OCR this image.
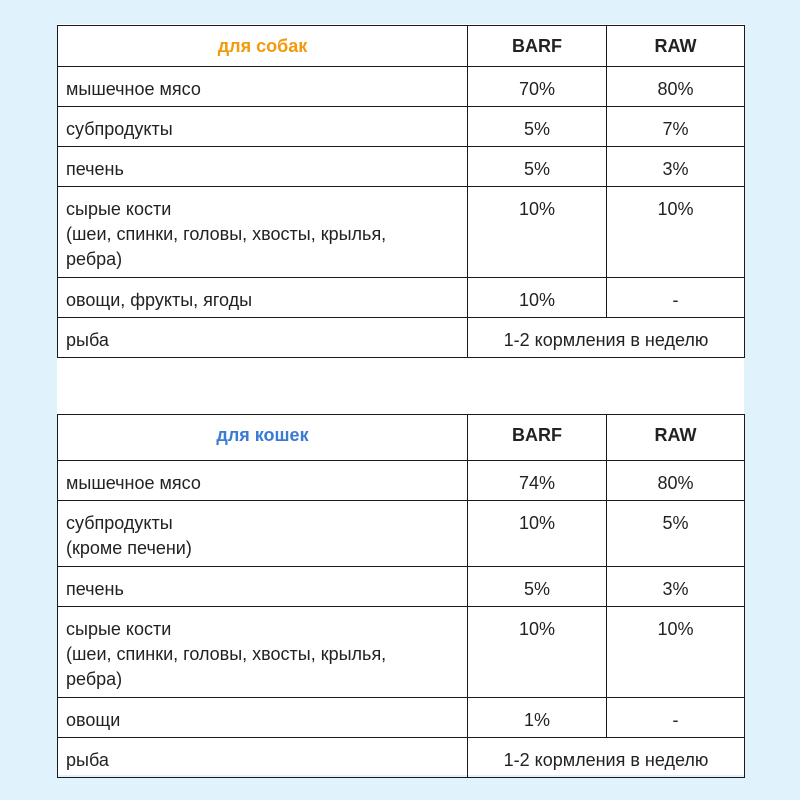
для собак	BARF	RAW

мышечное мясо	70%	80%

субпродукты	5%	7%

печень	5%	3%

сырые кости
(шеи, спинки, головы, хвосты, крылья,
ребра)	10%	10%

овощи, фрукты, ягоды	10%	-
рыба	1-2 кормления в неделю	
для кошек	BARF	RAW

мышечное мясо	74%	80%

субпродукты
(кроме печени)	10%	5%

печень	5%	3%

сырые кости
(шеи, спинки, головы, хвосты, крылья,
ребра)	10%	10%

овощи	1%	-
рыба	1-2 кормления в неделю	
